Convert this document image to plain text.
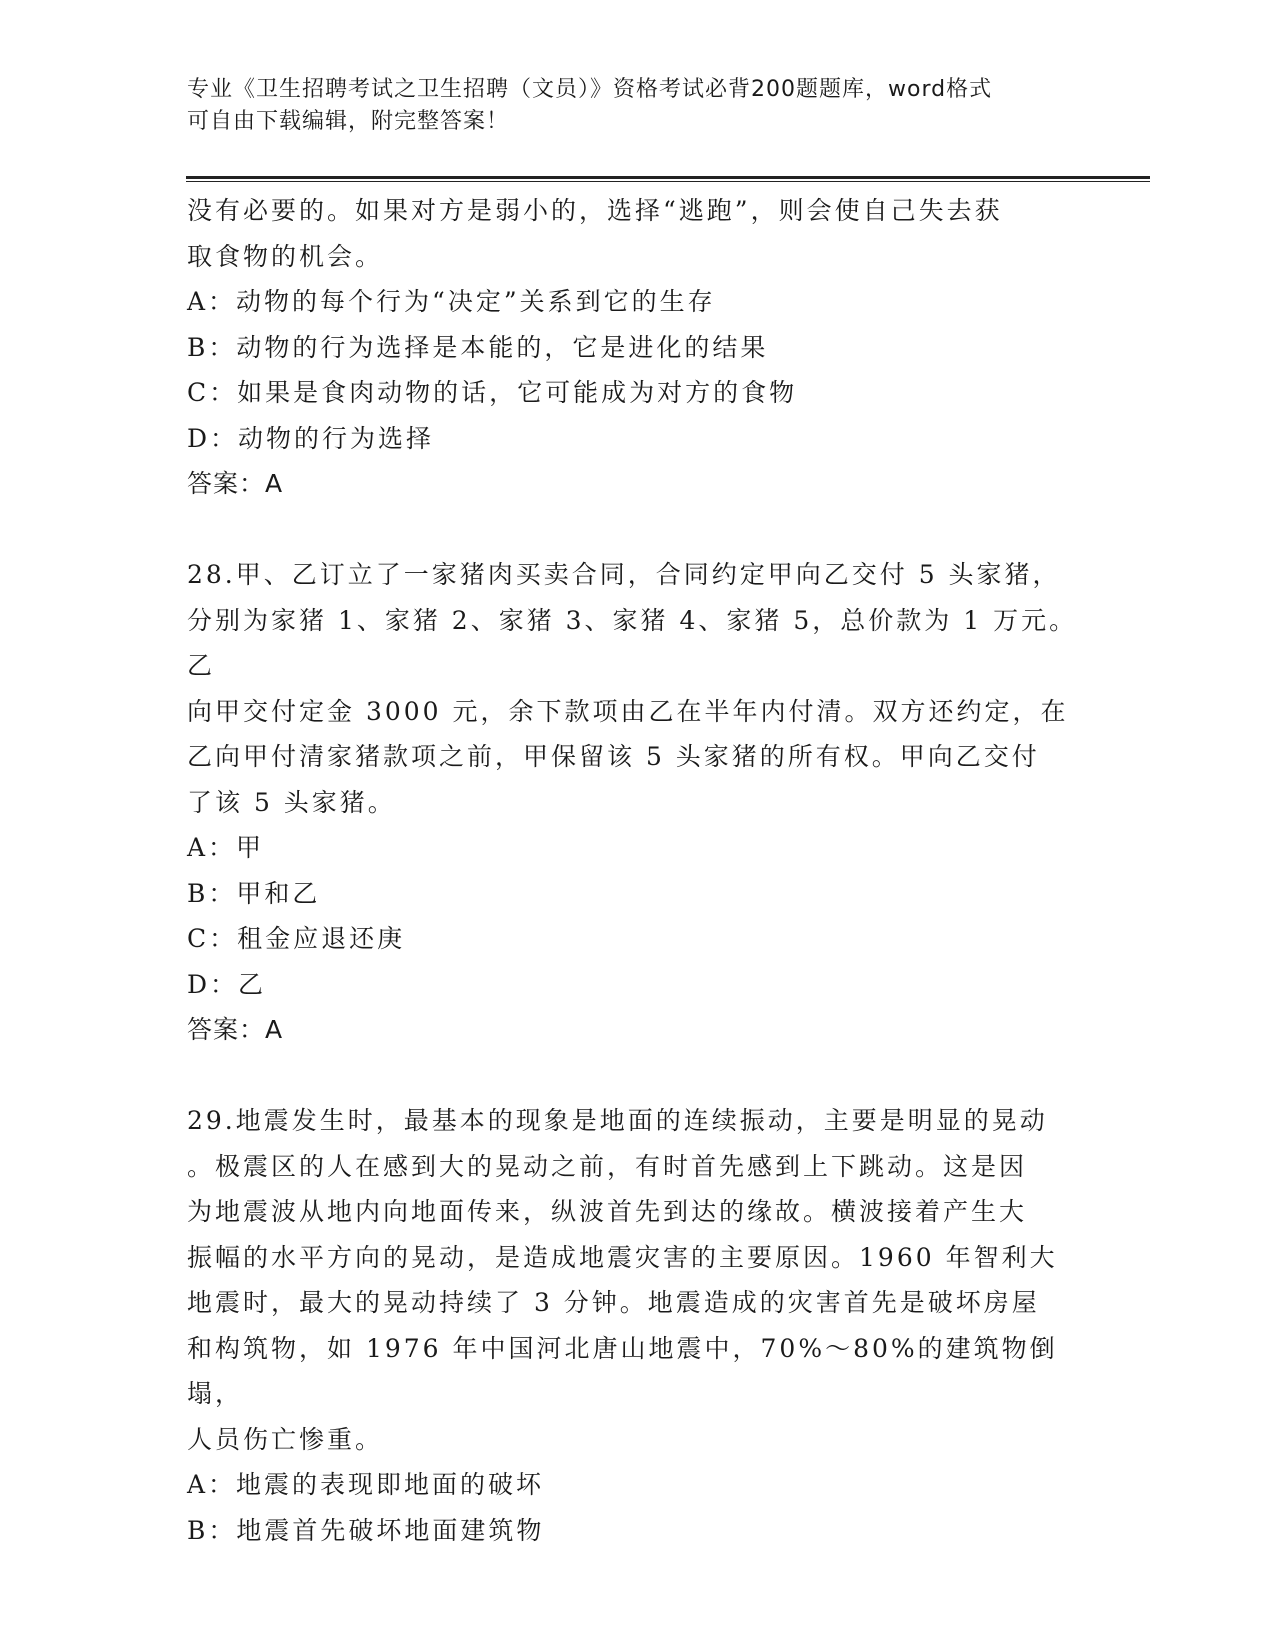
专业《卫生招聘考试之卫生招聘（文员）》资格考试必背200题题库，word格式
可自由下载编辑，附完整答案！

没有必要的。如果对方是弱小的，选择“逃跑”，则会使自己失去获

取食物的机会。

A：动物的每个行为“决定”关系到它的生存

B：动物的行为选择是本能的，它是进化的结果

C：如果是食肉动物的话，它可能成为对方的食物

D：动物的行为选择

答案：A

28.甲、乙订立了一家猪肉买卖合同，合同约定甲向乙交付 5 头家猪，

分别为家猪 1、家猪 2、家猪 3、家猪 4、家猪 5，总价款为 1 万元。乙

向甲交付定金 3000 元，余下款项由乙在半年内付清。双方还约定，在

乙向甲付清家猪款项之前，甲保留该 5 头家猪的所有权。甲向乙交付

了该 5 头家猪。

A：甲

B：甲和乙

C：租金应退还庚

D：乙

答案：A

29.地震发生时，最基本的现象是地面的连续振动，主要是明显的晃动

。极震区的人在感到大的晃动之前，有时首先感到上下跳动。这是因

为地震波从地内向地面传来，纵波首先到达的缘故。横波接着产生大

振幅的水平方向的晃动，是造成地震灾害的主要原因。1960 年智利大

地震时，最大的晃动持续了 3 分钟。地震造成的灾害首先是破坏房屋

和构筑物，如 1976 年中国河北唐山地震中，70%～80%的建筑物倒塌，

人员伤亡惨重。

A：地震的表现即地面的破坏

B：地震首先破坏地面建筑物
